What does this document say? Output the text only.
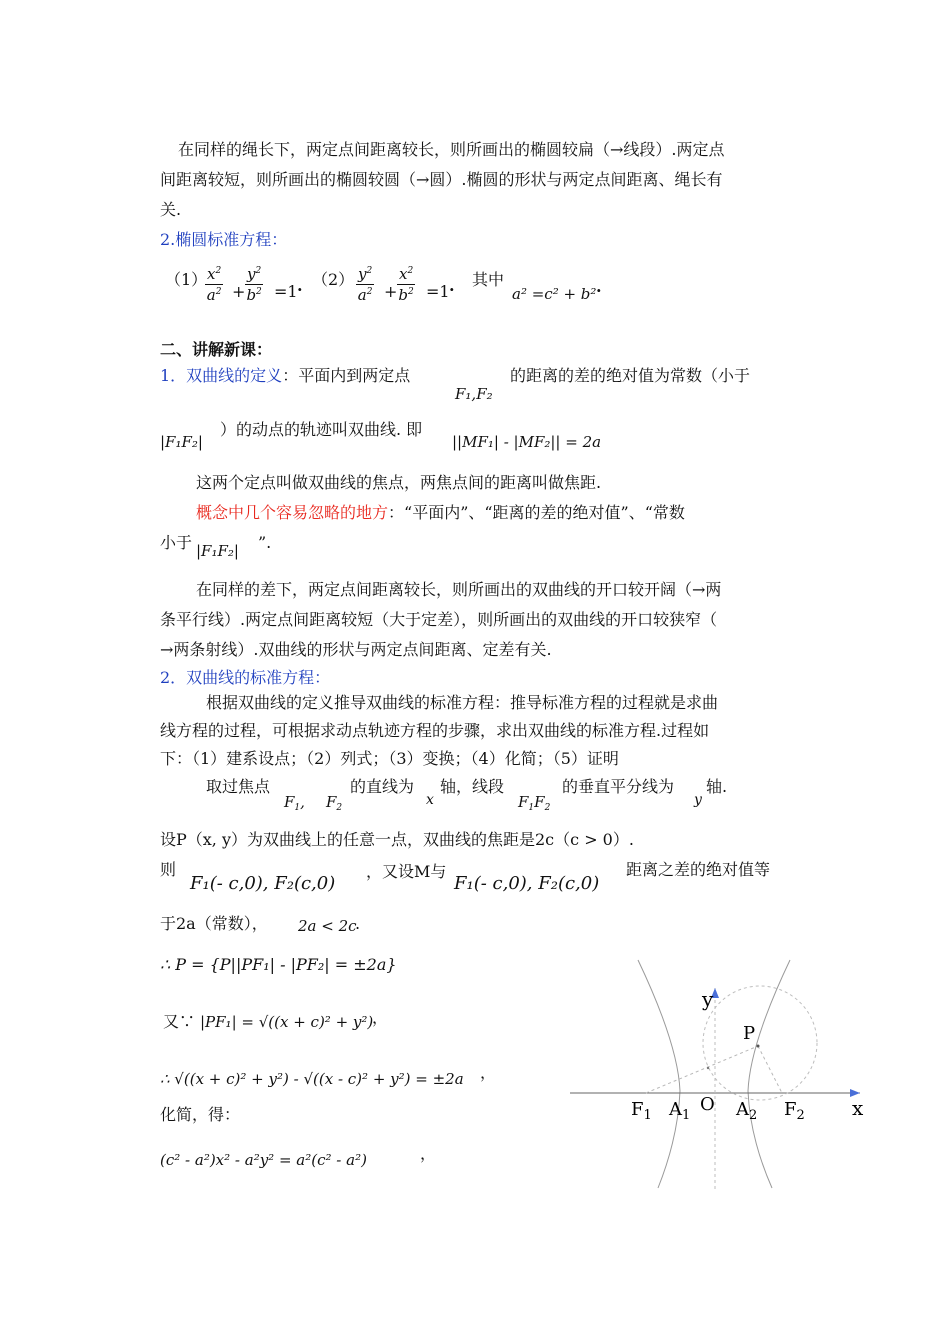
在同样的绳长下，两定点间距离较长，则所画出的椭圆较扁（→线段）.两定点
间距离较短，则所画出的椭圆较圆（→圆）.椭圆的形状与两定点间距离、绳长有
关.
2.椭圆标准方程：
（1）
$\frac{x^2}{a^2} + \frac{y^2}{b^2} =1$ . $(2) \frac{y^2}{a^2} + \frac{x^2}{b^2} =1$ . 其中
a² =c² + b² .
二、讲解新课：
1．双曲线的定义：平面内到两定点
F₁,F₂
的距离的差的绝对值为常数（小于
|F₁F₂|
）的动点的轨迹叫双曲线. 即
||MF₁| - |MF₂|| = 2a
这两个定点叫做双曲线的焦点，两焦点间的距离叫做焦距.
概念中几个容易忽略的地方：“平面内”、“距离的差的绝对值”、“常数
小于 |F₁F₂| ”.
在同样的差下，两定点间距离较长，则所画出的双曲线的开口较开阔（→两
条平行线）.两定点间距离较短（大于定差），则所画出的双曲线的开口较狭窄（
→两条射线）.双曲线的形状与两定点间距离、定差有关.
2．双曲线的标准方程：
根据双曲线的定义推导双曲线的标准方程：推导标准方程的过程就是求曲
线方程的过程，可根据求动点轨迹方程的步骤，求出双曲线的标准方程.过程如
下：（1）建系设点；（2）列式；（3）变换；（4）化简；（5）证明
取过焦点
$F_1$, $F_2$
的直线为
x
轴，线段
$F_1F_2$
的垂直平分线为
y
轴.
设P（x, y）为双曲线上的任意一点，双曲线的焦距是2c（c > 0）.
则
F₁(- c,0), F₂(c,0)
，又设M与
F₁(- c,0), F₂(c,0)
距离之差的绝对值等
于2a（常数）， 2a < 2c
.
∴ P = {P||PF₁| - |PF₂| = ±2a}
又∵ |PF₁| = √((x + c)² + y²)
，
∴ √((x + c)² + y²) - √((x - c)² + y²) = ±2a ，
化简，得：
(c² - a²)x² - a²y² = a²(c² - a²)	，
y
x
P
$F_1$ $A_1$
O $A_2$ $F_2$
